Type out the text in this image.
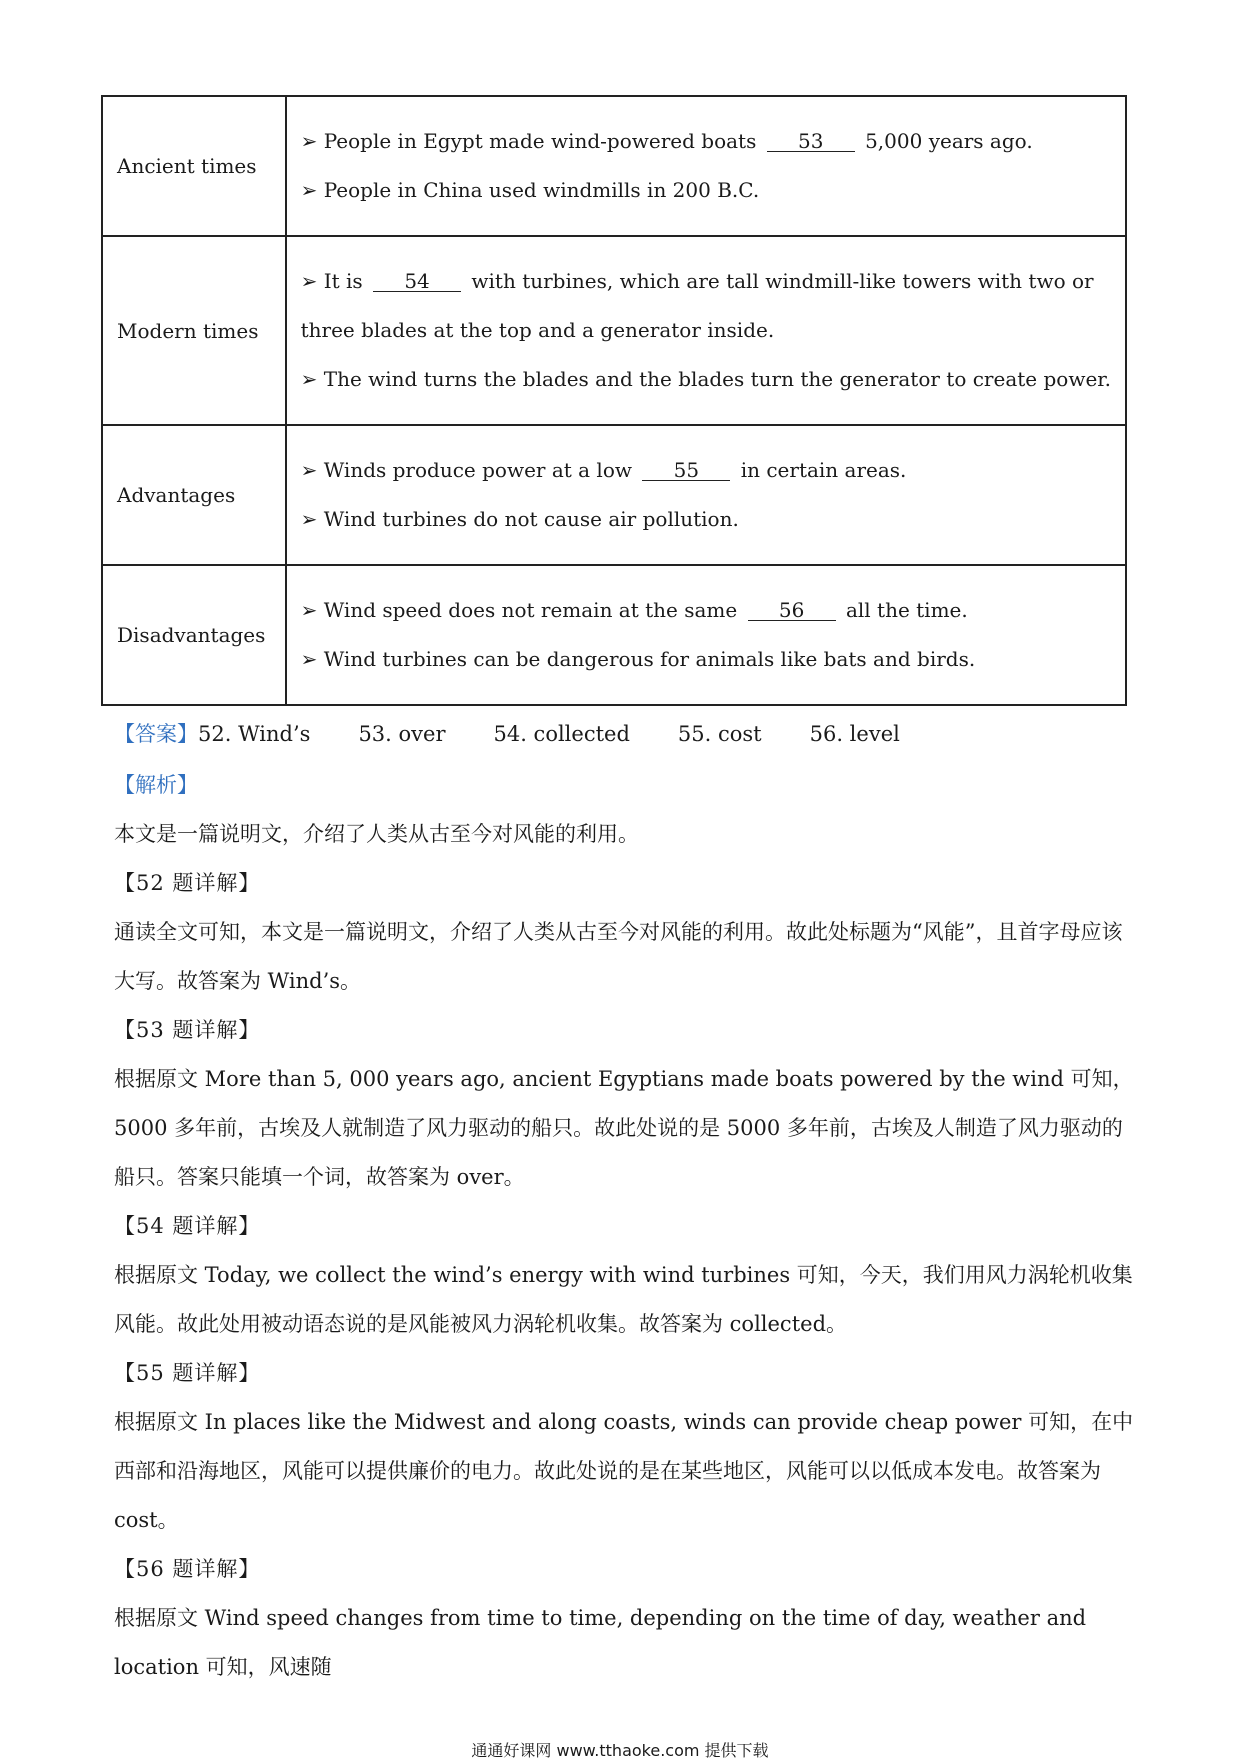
Ancient times	➢ People in Egypt made wind-powered boats 53 5,000 years ago.
➢ People in China used windmills in 200 B.C.

Modern times	➢ It is 54 with turbines, which are tall windmill-like towers with two or three blades at the top and a generator inside.
➢ The wind turns the blades and the blades turn the generator to create power.

Advantages	➢ Winds produce power at a low 55 in certain areas.
➢ Wind turbines do not cause air pollution.

Disadvantages	➢ Wind speed does not remain at the same 56 all the time.
➢ Wind turbines can be dangerous for animals like bats and birds.
【答案】52. Wind’s 53. over 54. collected 55. cost 56. level

【解析】

本文是一篇说明文，介绍了人类从古至今对风能的利用。

【52 题详解】

通读全文可知，本文是一篇说明文，介绍了人类从古至今对风能的利用。故此处标题为“风能”，且首字母应该大写。故答案为 Wind’s。

【53 题详解】

根据原文 More than 5, 000 years ago, ancient Egyptians made boats powered by the wind 可知，5000 多年前，古埃及人就制造了风力驱动的船只。故此处说的是 5000 多年前，古埃及人制造了风力驱动的船只。答案只能填一个词，故答案为 over。

【54 题详解】

根据原文 Today, we collect the wind’s energy with wind turbines 可知，今天，我们用风力涡轮机收集风能。故此处用被动语态说的是风能被风力涡轮机收集。故答案为 collected。

【55 题详解】

根据原文 In places like the Midwest and along coasts, winds can provide cheap power 可知，在中西部和沿海地区，风能可以提供廉价的电力。故此处说的是在某些地区，风能可以以低成本发电。故答案为 cost。

【56 题详解】

根据原文 Wind speed changes from time to time, depending on the time of day, weather and location 可知，风速随

通通好课网 www.tthaoke.com 提供下载
